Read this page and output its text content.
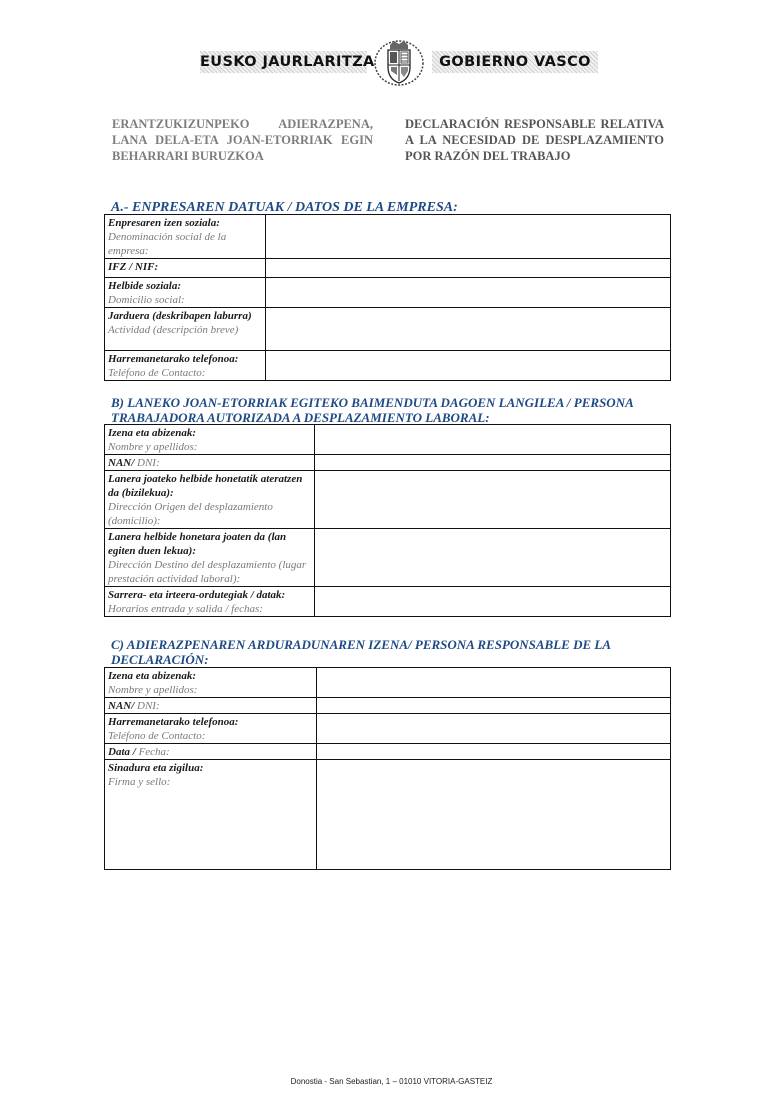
EUSKO JAURLARITZA	GOBIERNO VASCO
ERANTZUKIZUNPEKO ADIERAZPENA, LANA DELA-ETA JOAN-ETORRIAK EGIN BEHARRARI BURUZKOA
DECLARACIÓN RESPONSABLE RELATIVA A LA NECESIDAD DE DESPLAZAMIENTO POR RAZÓN DEL TRABAJO
A.- ENPRESAREN DATUAK / DATOS DE LA EMPRESA:
Enpresaren izen soziala:
Denominación social de la empresa:	

IFZ / NIF:	

Helbide soziala:
Domicilio social:	

Jarduera (deskribapen laburra)
Actividad (descripción breve)	

Harremanetarako telefonoa:
Teléfono de Contacto:	

B) LANEKO JOAN-ETORRIAK EGITEKO BAIMENDUTA DAGOEN LANGILEA / PERSONA TRABAJADORA AUTORIZADA A DESPLAZAMIENTO LABORAL:
Izena eta abizenak:
Nombre y apellidos:	

NAN/ DNI:	

Lanera joateko helbide honetatik ateratzen da (bizilekua):
Dirección Origen del desplazamiento (domicilio):	

Lanera helbide honetara joaten da (lan egiten duen lekua):
Dirección Destino del desplazamiento (lugar prestación actividad laboral):	

Sarrera- eta irteera-ordutegiak / datak:
Horarios entrada y salida / fechas:	

C) ADIERAZPENAREN ARDURADUNAREN IZENA/ PERSONA RESPONSABLE DE LA DECLARACIÓN:
Izena eta abizenak:
Nombre y apellidos:	

NAN/ DNI:	

Harremanetarako telefonoa:
Teléfono de Contacto:	

Data / Fecha:	

Sinadura eta zigilua:
Firma y sello:	

Donostia - San Sebastian, 1 – 01010 VITORIA-GASTEIZ
